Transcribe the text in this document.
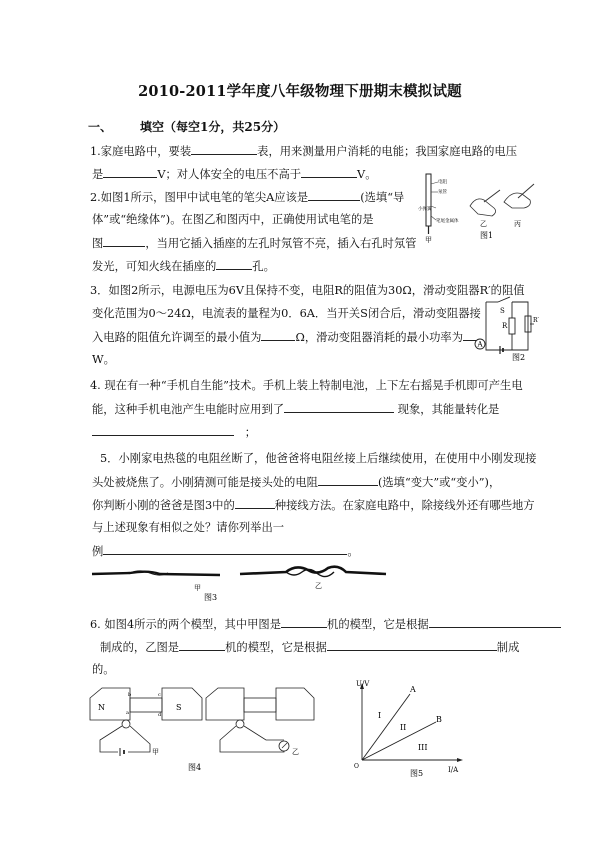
2010-2011学年度八年级物理下册期末模拟试题
一、 填空（每空1分，共25分）
1.家庭电路中，要装	表，用来测量用户消耗的电能；我国家庭电路的电压
是	V；对人体安全的电压不高于	V。
2.如图1所示，图甲中试电笔的笔尖A应该是	(选填“导
体”或“绝缘体”)。在图乙和图丙中，正确使用试电笔的是
图	，当用它插入插座的左孔时氖管不亮，插入右孔时氖管
发光，可知火线在插座的	孔。
电阻
氖管
小弹簧
笔尾金属体
甲
乙	丙
图1
3．如图2所示，电源电压为6V且保持不变，电阻R的阻值为30Ω，滑动变阻器R′的阻值
变化范围为0～24Ω，电流表的量程为0．6A．当开关S闭合后，滑动变阻器接
入电路的阻值允许调至的最小值为	Ω，滑动变阻器消耗的最小功率为
W。
S
R
R′
A
图2
4. 现在有一种“手机自生能”技术。手机上装上特制电池，上下左右摇晃手机即可产生电
能，这种手机电池产生电能时应用到了	现象，其能量转化是
；
5．小刚家电热毯的电阻丝断了，他爸爸将电阻丝接上后继续使用，在使用中小刚发现接
头处被烧焦了。小刚猜测可能是接头处的电阻	(选填“变大”或“变小”)，
你判断小刚的爸爸是图3中的	种接线方法。在家庭电路中，除接线外还有哪些地方
与上述现象有相似之处？请你列举出一
例	。
甲	乙
图3
6. 如图4所示的两个模型，其中甲图是	机的模型，它是根据
制成的，乙图是	机的模型，它是根据	制成
的。
N	S
a
b	c
d
甲	乙
图4
U/V
I/A
O
A
B
I
II
III
图5
